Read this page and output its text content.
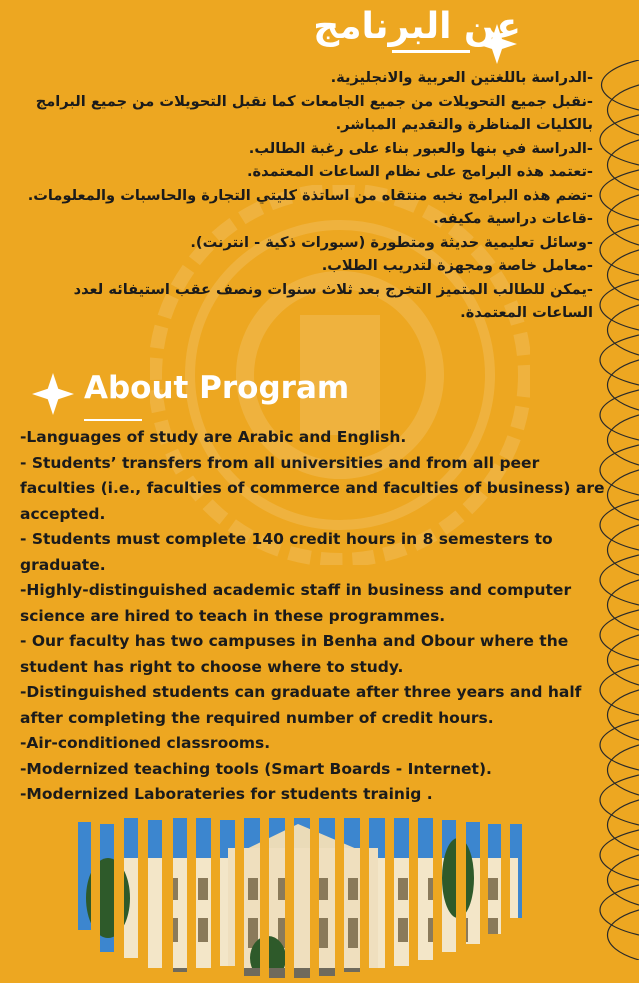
عن البرنامج
-الدراسة باللغتين العربية والانجليزية.
-نقبل جميع التحويلات من جميع الجامعات كما نقبل التحويلات من جميع البرامج بالكليات المناظرة والتقديم المباشر.
-الدراسة في بنها والعبور بناء على رغبة الطالب.
-تعتمد هذه البرامج على نظام الساعات المعتمدة.
-تضم هذه البرامج نخبه منتقاه من اساتذة كليتي التجارة والحاسبات والمعلومات.
-قاعات دراسية مكيفه.
-وسائل تعليمية حديثة ومتطورة (سبورات ذكية - انترنت).
-معامل خاصة ومجهزة لتدريب الطلاب.
-يمكن للطالب المتميز التخرج بعد ثلاث سنوات ونصف عقب استيفائه لعدد الساعات المعتمدة.
About Program
-Languages of study are Arabic and English.
- Students’ transfers from all universities and from all peer faculties (i.e., faculties of commerce and faculties of business) are accepted.
- Students must complete 140 credit hours in 8 semesters to graduate.
-Highly-distinguished academic staff in business and computer science are hired to teach in these programmes.
- Our faculty has two campuses in Benha and Obour where the student has right to choose where to study.
-Distinguished students can graduate after three years and half after completing the required number of credit hours.
-Air-conditioned classrooms.
-Modernized teaching tools (Smart Boards - Internet).
-Modernized Laborateries for students trainig .
